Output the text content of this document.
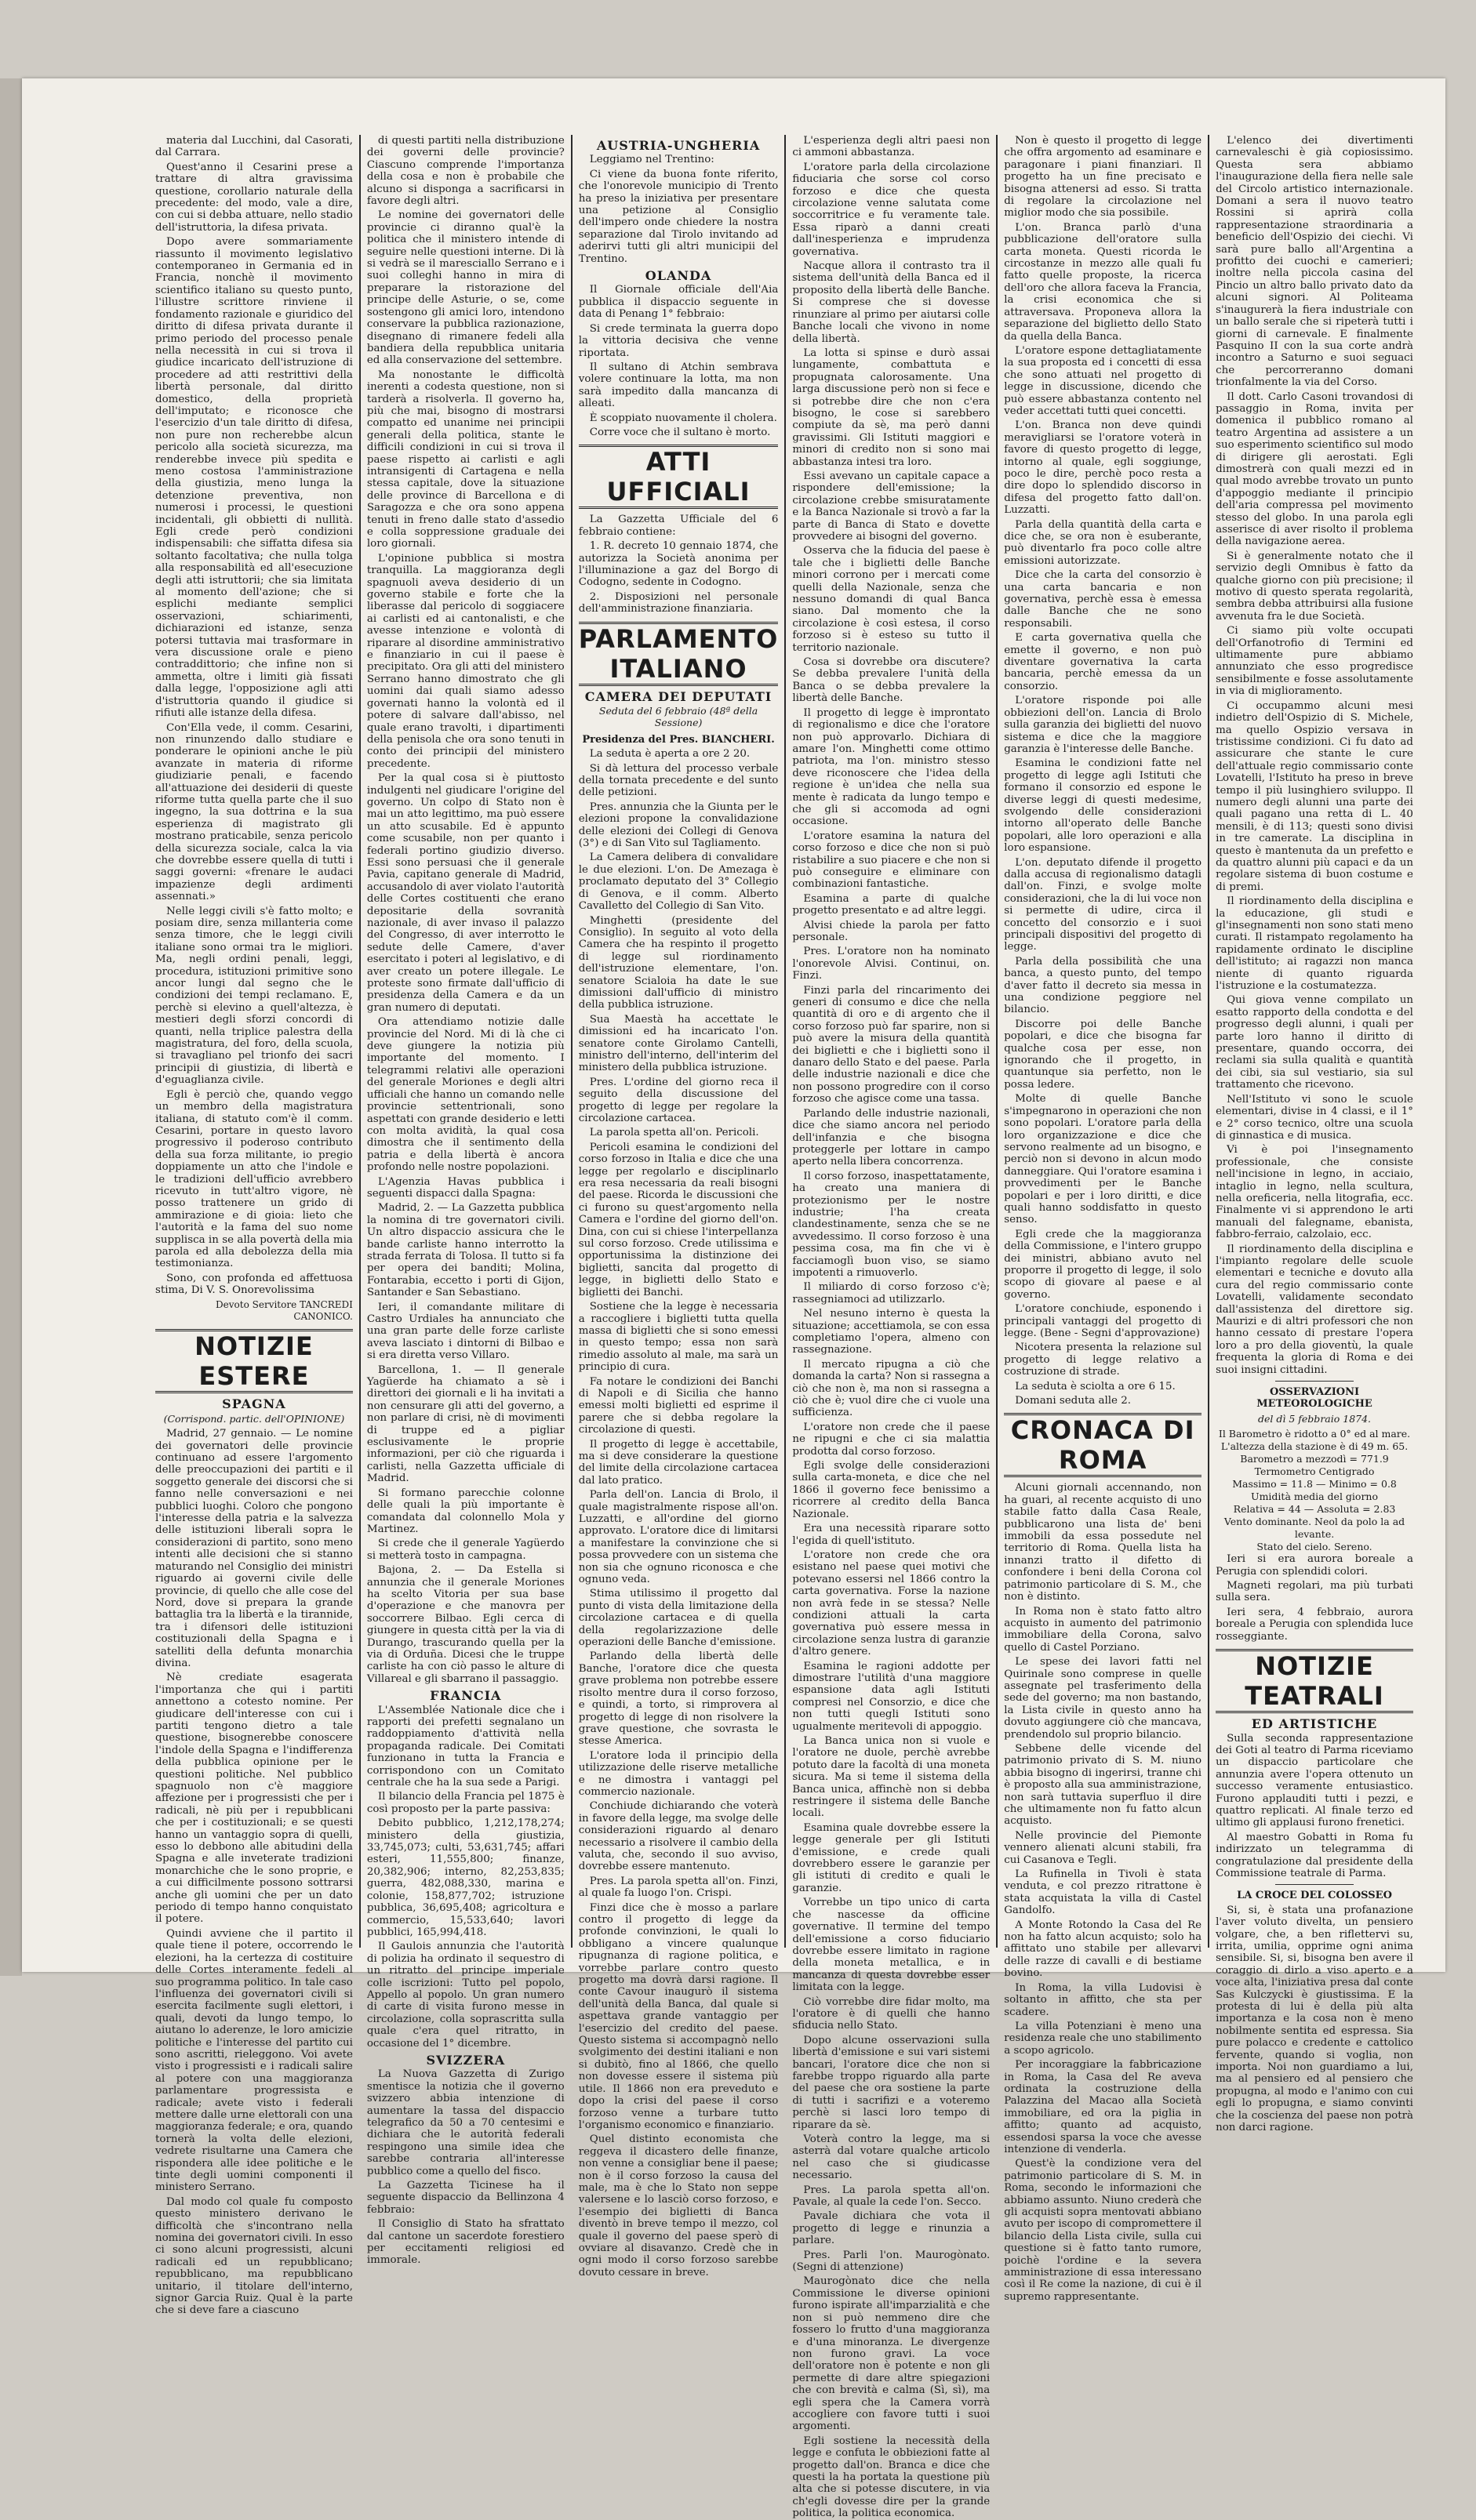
materia dal Lucchini, dal Casorati, dal Carrara.

Quest'anno il Cesarini prese a trattare di altra gravissima questione, corollario naturale della precedente: del modo, vale a dire, con cui si debba attuare, nello stadio dell'istruttoria, la difesa privata.

Dopo avere sommariamente riassunto il movimento legislativo contemporaneo in Germania ed in Francia, nonchè il movimento scientifico italiano su questo punto, l'illustre scrittore rinviene il fondamento razionale e giuridico del diritto di difesa privata durante il primo periodo del processo penale nella necessità in cui si trova il giudice incaricato dell'istruzione di procedere ad atti restrittivi della libertà personale, dal diritto domestico, della proprietà dell'imputato; e riconosce che l'esercizio d'un tale diritto di difesa, non pure non recherebbe alcun pericolo alla società sicurezza, ma renderebbe invece più spedita e meno costosa l'amministrazione della giustizia, meno lunga la detenzione preventiva, non numerosi i processi, le questioni incidentali, gli obbietti di nullità. Egli crede però condizioni indispensabili: che siffatta difesa sia soltanto facoltativa; che nulla tolga alla responsabilità ed all'esecuzione degli atti istruttorii; che sia limitata al momento dell'azione; che si esplichi mediante semplici osservazioni, schiarimenti, dichiarazioni ed istanze, senza potersi tuttavia mai trasformare in vera discussione orale e pieno contraddittorio; che infine non si ammetta, oltre i limiti già fissati dalla legge, l'opposizione agli atti d'istruttoria quando il giudice si rifiuti alle istanze della difesa.

Con'Ella vede, il comm. Cesarini, non rinunzendo dallo studiare e ponderare le opinioni anche le più avanzate in materia di riforme giudiziarie penali, e facendo all'attuazione dei desiderii di queste riforme tutta quella parte che il suo ingegno, la sua dottrina e la sua esperienza di magistrato gli mostrano praticabile, senza pericolo della sicurezza sociale, calca la via che dovrebbe essere quella di tutti i saggi governi: «frenare le audaci impazienze degli ardimenti assennati.»

Nelle leggi civili s'è fatto molto; e posiam dire, senza millanteria come senza timore, che le leggi civili italiane sono ormai tra le migliori. Ma, negli ordini penali, leggi, procedura, istituzioni primitive sono ancor lungi dal segno che le condizioni dei tempi reclamano. E, perchè si elevino a quell'altezza, è mestieri degli sforzi concordi di quanti, nella triplice palestra della magistratura, del foro, della scuola, si travagliano pel trionfo dei sacri principii di giustizia, di libertà e d'eguaglianza civile.

Egli è perciò che, quando veggo un membro della magistratura italiana, di statuto com'è il comm. Cesarini, portare in questo lavoro progressivo il poderoso contributo della sua forza militante, io pregio doppiamente un atto che l'indole e le tradizioni dell'ufficio avrebbero ricevuto in tutt'altro vigore, nè posso trattenere un grido di ammirazione e di gioia: lieto che l'autorità e la fama del suo nome supplisca in se alla povertà della mia parola ed alla debolezza della mia testimonianza.

Sono, con profonda ed affettuosa stima, Di V. S. Onorevolissima

Devoto Servitore TANCREDI CANONICO.
NOTIZIE ESTERE
SPAGNA
(Corrispond. partic. dell'OPINIONE)

Madrid, 27 gennaio. — Le nomine dei governatori delle provincie continuano ad essere l'argomento delle preoccupazioni dei partiti e il soggetto generale dei discorsi che si fanno nelle conversazioni e nei pubblici luoghi. Coloro che pongono l'interesse della patria e la salvezza delle istituzioni liberali sopra le considerazioni di partito, sono meno intenti alle decisioni che si stanno maturando nel Consiglio dei ministri riguardo ai governi civile delle provincie, di quello che alle cose del Nord, dove si prepara la grande battaglia tra la libertà e la tirannide, tra i difensori delle istituzioni costituzionali della Spagna e i satelliti della defunta monarchia divina.

Nè crediate esagerata l'importanza che qui i partiti annettono a cotesto nomine. Per giudicare dell'interesse con cui i partiti tengono dietro a tale questione, bisognerebbe conoscere l'indole della Spagna e l'indifferenza della pubblica opinione per le questioni politiche. Nel pubblico spagnuolo non c'è maggiore affezione per i progressisti che per i radicali, nè più per i repubblicani che per i costituzionali; e se questi hanno un vantaggio sopra di quelli, esso lo debbono alle abitudini della Spagna e alle inveterate tradizioni monarchiche che le sono proprie, e a cui difficilmente possono sottrarsi anche gli uomini che per un dato periodo di tempo hanno conquistato il potere.

Quindi avviene che il partito il quale tiene il potere, occorrendo le elezioni, ha la certezza di costituire delle Cortes interamente fedeli al suo programma politico. In tale caso l'influenza dei governatori civili si esercita facilmente sugli elettori, i quali, devoti da lungo tempo, lo aiutano lo aderenze, le loro amicizie politiche e l'interesse del partito cui sono ascritti, rieleggono. Voi avete visto i progressisti e i radicali salire al potere con una maggioranza parlamentare progressista e radicale; avete visto i federali mettere dalle urne elettorali con una maggioranza federale; e ora, quando tornerà la volta delle elezioni, vedrete risultarne una Camera che rispondera alle idee politiche e le tinte degli uomini componenti il ministero Serrano.

Dal modo col quale fu composto questo ministero derivano le difficoltà che s'incontrano nella nomina dei governatori civili. In esso ci sono alcuni progressisti, alcuni radicali ed un repubblicano; repubblicano, ma repubblicano unitario, il titolare dell'interno, signor Garcia Ruiz. Qual è la parte che si deve fare a ciascuno

di questi partiti nella distribuzione dei governi delle provincie? Ciascuno comprende l'importanza della cosa e non è probabile che alcuno si disponga a sacrificarsi in favore degli altri.

Le nomine dei governatori delle provincie ci diranno qual'è la politica che il ministero intende di seguire nelle questioni interne. Di là si vedrà se il maresciallo Serrano e i suoi colleghi hanno in mira di preparare la ristorazione del principe delle Asturie, o se, come sostengono gli amici loro, intendono conservare la pubblica razionazione, disegnano di rimanere fedeli alla bandiera della repubblica unitaria ed alla conservazione del settembre.

Ma nonostante le difficoltà inerenti a codesta questione, non si tarderà a risolverla. Il governo ha, più che mai, bisogno di mostrarsi compatto ed unanime nei principii generali della politica, stante le difficili condizioni in cui si trova il paese rispetto ai carlisti e agli intransigenti di Cartagena e nella stessa capitale, dove la situazione delle province di Barcellona e di Saragozza e che ora sono appena tenuti in freno dalle stato d'assedio e colla soppressione graduale dei loro giornali.

L'opinione pubblica si mostra tranquilla. La maggioranza degli spagnuoli aveva desiderio di un governo stabile e forte che la liberasse dal pericolo di soggiacere ai carlisti ed ai cantonalisti, e che avesse intenzione e volontà di riparare al disordine amministrativo e finanziario in cui il paese è precipitato. Ora gli atti del ministero Serrano hanno dimostrato che gli uomini dai quali siamo adesso governati hanno la volontà ed il potere di salvare dall'abisso, nel quale erano travolti, i dipartimenti della penisola che ora sono tenuti in conto dei principii del ministero precedente.

Per la qual cosa si è piuttosto indulgenti nel giudicare l'origine del governo. Un colpo di Stato non è mai un atto legittimo, ma può essere un atto scusabile. Ed è appunto come scusabile, non per quanto i federali portino giudizio diverso. Essi sono persuasi che il generale Pavia, capitano generale di Madrid, accusandolo di aver violato l'autorità delle Cortes costituenti che erano depositarie della sovranità nazionale, di aver invaso il palazzo del Congresso, di aver interrotto le sedute delle Camere, d'aver esercitato i poteri al legislativo, e di aver creato un potere illegale. Le proteste sono firmate dall'ufficio di presidenza della Camera e da un gran numero di deputati.

Ora attendiamo notizie dalle provincie del Nord. Mi di là che ci deve giungere la notizia più importante del momento. I telegrammi relativi alle operazioni del generale Moriones e degli altri ufficiali che hanno un comando nelle provincie settentrionali, sono aspettati con grande desiderio e letti con molta avidità, la qual cosa dimostra che il sentimento della patria e della libertà è ancora profondo nelle nostre popolazioni.

L'Agenzia Havas pubblica i seguenti dispacci dalla Spagna:

Madrid, 2. — La Gazzetta pubblica la nomina di tre governatori civili. Un altro dispaccio assicura che le bande carliste hanno interrotto la strada ferrata di Tolosa. Il tutto si fa per opera dei banditi; Molina, Fontarabia, eccetto i porti di Gijon, Santander e San Sebastiano.

Ieri, il comandante militare di Castro Urdiales ha annunciato che una gran parte delle forze carliste aveva lasciato i dintorni di Bilbao e si era diretta verso Villaro.

Barcellona, 1. — Il generale Yagüerde ha chiamato a sè i direttori dei giornali e li ha invitati a non censurare gli atti del governo, a non parlare di crisi, nè di movimenti di truppe ed a pigliar esclusivamente le proprie informazioni, per ciò che riguarda i carlisti, nella Gazzetta ufficiale di Madrid.

Si formano parecchie colonne delle quali la più importante è comandata dal colonnello Mola y Martinez.

Si crede che il generale Yagüerdo si metterà tosto in campagna.

Bajona, 2. — Da Estella si annunzia che il generale Moriones ha scelto Vitoria per sua base d'operazione e che manovra per soccorrere Bilbao. Egli cerca di giungere in questa città per la via di Durango, trascurando quella per la via di Orduña. Dicesi che le truppe carliste ha con ciò passo le alture di Villareal e gli sbarrano il passaggio.

FRANCIA

L'Assemblée Nationale dice che i rapporti dei prefetti segnalano un raddoppiamento d'attività nella propaganda radicale. Dei Comitati funzionano in tutta la Francia e corrispondono con un Comitato centrale che ha la sua sede a Parigi.

Il bilancio della Francia pel 1875 è così proposto per la parte passiva:

Debito pubblico, 1,212,178,274; ministero della giustizia, 33,745,073; culti, 53,631,745; affari esteri, 11,555,800; finanze, 20,382,906; interno, 82,253,835; guerra, 482,088,330, marina e colonie, 158,877,702; istruzione pubblica, 36,695,408; agricoltura e commercio, 15,533,640; lavori pubblici, 165,994,418.

Il Gaulois annunzia che l'autorità di polizia ha ordinato il sequestro di un ritratto del principe imperiale colle iscrizioni: Tutto pel popolo, Appello al popolo. Un gran numero di carte di visita furono messe in circolazione, colla soprascritta sulla quale c'era quel ritratto, in occasione del 1° dicembre.

SVIZZERA

La Nuova Gazzetta di Zurigo smentisce la notizia che il governo svizzero abbia intenzione di aumentare la tassa del dispaccio telegrafico da 50 a 70 centesimi e dichiara che le autorità federali respingono una simile idea che sarebbe contraria all'interesse pubblico come a quello del fisco.

La Gazzetta Ticinese ha il seguente dispaccio da Bellinzona 4 febbraio:

Il Consiglio di Stato ha sfrattato dal cantone un sacerdote forestiero per eccitamenti religiosi ed immorale.

AUSTRIA-UNGHERIA

Leggiamo nel Trentino:

Ci viene da buona fonte riferito, che l'onorevole municipio di Trento ha preso la iniziativa per presentare una petizione al Consiglio dell'impero onde chiedere la nostra separazione dal Tirolo invitando ad aderirvi tutti gli altri municipii del Trentino.

OLANDA

Il Giornale officiale dell'Aia pubblica il dispaccio seguente in data di Penang 1° febbraio:

Si crede terminata la guerra dopo la vittoria decisiva che venne riportata.

Il sultano di Atchin sembrava volere continuare la lotta, ma non sarà impedito dalla mancanza di alleati.

È scoppiato nuovamente il cholera.

Corre voce che il sultano è morto.

ATTI UFFICIALI

La Gazzetta Ufficiale del 6 febbraio contiene:

1. R. decreto 10 gennaio 1874, che autorizza la Società anonima per l'illuminazione a gaz del Borgo di Codogno, sedente in Codogno.

2. Disposizioni nel personale dell'amministrazione finanziaria.

PARLAMENTO ITALIANO
CAMERA DEI DEPUTATI
Seduta del 6 febbraio (48ª della Sessione)
Presidenza del Pres. BIANCHERI.

La seduta è aperta a ore 2 20.

Si dà lettura del processo verbale della tornata precedente e del sunto delle petizioni.

Pres. annunzia che la Giunta per le elezioni propone la convalidazione delle elezioni dei Collegi di Genova (3°) e di San Vito sul Tagliamento.

La Camera delibera di convalidare le due elezioni. L'on. De Amezaga è proclamato deputato del 3° Collegio di Genova, e il comm. Alberto Cavalletto del Collegio di San Vito.

Minghetti (presidente del Consiglio). In seguito al voto della Camera che ha respinto il progetto di legge sul riordinamento dell'istruzione elementare, l'on. senatore Scialoia ha date le sue dimissioni dall'ufficio di ministro della pubblica istruzione.

Sua Maestà ha accettate le dimissioni ed ha incaricato l'on. senatore conte Girolamo Cantelli, ministro dell'interno, dell'interim del ministero della pubblica istruzione.

Pres. L'ordine del giorno reca il seguito della discussione del progetto di legge per regolare la circolazione cartacea.

La parola spetta all'on. Pericoli.

Pericoli esamina le condizioni del corso forzoso in Italia e dice che una legge per regolarlo e disciplinarlo era resa necessaria da reali bisogni del paese. Ricorda le discussioni che ci furono su quest'argomento nella Camera e l'ordine del giorno dell'on. Dina, con cui si chiese l'interpellanza sul corso forzoso. Crede utilissima e opportunissima la distinzione dei biglietti, sancita dal progetto di legge, in biglietti dello Stato e biglietti dei Banchi.

Sostiene che la legge è necessaria a raccogliere i biglietti tutta quella massa di biglietti che si sono emessi in questo tempo; essa non sarà rimedio assoluto al male, ma sarà un principio di cura.

Fa notare le condizioni dei Banchi di Napoli e di Sicilia che hanno emessi molti biglietti ed esprime il parere che si debba regolare la circolazione di questi.

Il progetto di legge è accettabile, ma si deve considerare la questione del limite della circolazione cartacea dal lato pratico.

Parla dell'on. Lancia di Brolo, il quale magistralmente rispose all'on. Luzzatti, e all'ordine del giorno approvato. L'oratore dice di limitarsi a manifestare la convinzione che si possa provvedere con un sistema che non sia che ognuno riconosca e che ognuno veda.

Stima utilissimo il progetto dal punto di vista della limitazione della circolazione cartacea e di quella della regolarizzazione delle operazioni delle Banche d'emissione.

Parlando della libertà delle Banche, l'oratore dice che questa grave problema non potrebbe essere risolto mentre dura il corso forzoso, e quindi, a torto, si rimprovera al progetto di legge di non risolvere la grave questione, che sovrasta le stesse America.

L'oratore loda il principio della utilizzazione delle riserve metalliche e ne dimostra i vantaggi pel commercio nazionale.

Conchiude dichiarando che voterà in favore della legge, ma svolge delle considerazioni riguardo al denaro necessario a risolvere il cambio della valuta, che, secondo il suo avviso, dovrebbe essere mantenuto.

Pres. La parola spetta all'on. Finzi, al quale fa luogo l'on. Crispi.

Finzi dice che è mosso a parlare contro il progetto di legge da profonde convinzioni, le quali lo obbligano a vincere qualunque ripugnanza di ragione politica, e vorrebbe parlare contro questo progetto ma dovrà darsi ragione. Il conte Cavour inaugurò il sistema dell'unità della Banca, dal quale si aspettava grande vantaggio per l'esercizio del credito del paese. Questo sistema si accompagnò nello svolgimento dei destini italiani e non si dubitò, fino al 1866, che quello non dovesse essere il sistema più utile. Il 1866 non era preveduto e dopo la crisi del paese il corso forzoso venne a turbare tutto l'organismo economico e finanziario.

Quel distinto economista che reggeva il dicastero delle finanze, non venne a consigliar bene il paese; non è il corso forzoso la causa del male, ma è che lo Stato non seppe valersene e lo lasciò corso forzoso, e l'esempio dei biglietti di Banca diventò in breve tempo il mezzo, col quale il governo del paese sperò di ovviare al disavanzo. Credè che in ogni modo il corso forzoso sarebbe dovuto cessare in breve.

L'esperienza degli altri paesi non ci ammoni abbastanza.

L'oratore parla della circolazione fiduciaria che sorse col corso forzoso e dice che questa circolazione venne salutata come soccorritrice e fu veramente tale. Essa riparò a danni creati dall'inesperienza e imprudenza governativa.

Nacque allora il contrasto tra il sistema dell'unità della Banca ed il proposito della libertà delle Banche. Si comprese che si dovesse rinunziare al primo per aiutarsi colle Banche locali che vivono in nome della libertà.

La lotta si spinse e durò assai lungamente, combattuta e propugnata calorosamente. Una larga discussione però non si fece e si potrebbe dire che non c'era bisogno, le cose si sarebbero compiute da sè, ma però danni gravissimi. Gli Istituti maggiori e minori di credito non si sono mai abbastanza intesi tra loro.

Essi avevano un capitale capace a rispondere dell'emissione; la circolazione crebbe smisuratamente e la Banca Nazionale si trovò a far la parte di Banca di Stato e dovette provvedere ai bisogni del governo.

Osserva che la fiducia del paese è tale che i biglietti delle Banche minori corrono per i mercati come quelli della Nazionale, senza che nessuno domandi di qual Banca siano. Dal momento che la circolazione è così estesa, il corso forzoso si è esteso su tutto il territorio nazionale.

Cosa si dovrebbe ora discutere? Se debba prevalere l'unità della Banca o se debba prevalere la libertà delle Banche.

Il progetto di legge è improntato di regionalismo e dice che l'oratore non può approvarlo. Dichiara di amare l'on. Minghetti come ottimo patriota, ma l'on. ministro stesso deve riconoscere che l'idea della regione è un'idea che nella sua mente è radicata da lungo tempo e che gli si accomoda ad ogni occasione.

L'oratore esamina la natura del corso forzoso e dice che non si può ristabilire a suo piacere e che non si può conseguire e eliminare con combinazioni fantastiche.

Esamina a parte di qualche progetto presentato e ad altre leggi.

Alvisi chiede la parola per fatto personale.

Pres. L'oratore non ha nominato l'onorevole Alvisi. Continui, on. Finzi.

Finzi parla del rincarimento dei generi di consumo e dice che nella quantità di oro e di argento che il corso forzoso può far sparire, non si può avere la misura della quantità dei biglietti e che i biglietti sono il danaro dello Stato e del paese. Parla delle industrie nazionali e dice che non possono progredire con il corso forzoso che agisce come una tassa.

Parlando delle industrie nazionali, dice che siamo ancora nel periodo dell'infanzia e che bisogna proteggerle per lottare in campo aperto nella libera concorrenza.

Il corso forzoso, inaspettatamente, ha creato una maniera di protezionismo per le nostre industrie; l'ha creata clandestinamente, senza che se ne avvedessimo. Il corso forzoso è una pessima cosa, ma fin che vi è facciamoglì buon viso, se siamo impotenti a rimuoverlo.

Il miliardo di corso forzoso c'è; rassegniamoci ad utilizzarlo.

Nel nesuno interno è questa la situazione; accettiamola, se con essa completiamo l'opera, almeno con rassegnazione.

Il mercato ripugna a ciò che domanda la carta? Non si rassegna a ciò che non è, ma non si rassegna a ciò che è; vuol dire che ci vuole una sufficienza.

L'oratore non crede che il paese ne ripugni e che ci sia malattia prodotta dal corso forzoso.

Egli svolge delle considerazioni sulla carta-moneta, e dice che nel 1866 il governo fece benissimo a ricorrere al credito della Banca Nazionale.

Era una necessità riparare sotto l'egida di quell'istituto.

L'oratore non crede che ora esistano nel paese quei motivi che potevano essersi nel 1866 contro la carta governativa. Forse la nazione non avrà fede in se stessa? Nelle condizioni attuali la carta governativa può essere messa in circolazione senza lustra di garanzie d'altro genere.

Esamina le ragioni addotte per dimostrare l'utilità d'una maggiore espansione data agli Istituti compresi nel Consorzio, e dice che non tutti quegli Istituti sono ugualmente meritevoli di appoggio.

La Banca unica non si vuole e l'oratore ne duole, perchè avrebbe potuto dare la facoltà di una moneta sicura. Ma si teme il sistema della Banca unica, affinchè non si debba restringere il sistema delle Banche locali.

Esamina quale dovrebbe essere la legge generale per gli Istituti d'emissione, e crede quali dovrebbero essere le garanzie per gli istituti di credito e quali le garanzie.

Vorrebbe un tipo unico di carta che nascesse da officine governative. Il termine del tempo dell'emissione a corso fiduciario dovrebbe essere limitato in ragione della moneta metallica, e in mancanza di questa dovrebbe esser limitata con la legge.

Ciò vorrebbe dire fidar molto, ma l'oratore è di quelli che hanno sfiducia nello Stato.

Dopo alcune osservazioni sulla libertà d'emissione e sui vari sistemi bancari, l'oratore dice che non si farebbe troppo riguardo alla parte del paese che ora sostiene la parte di tutti i sacrifizi e a voteremo perchè si lasci loro tempo di riparare da sè.

Voterà contro la legge, ma si asterrà dal votare qualche articolo nel caso che si giudicasse necessario.

Pres. La parola spetta all'on. Pavale, al quale la cede l'on. Secco.

Pavale dichiara che vota il progetto di legge e rinunzia a parlare.

Pres. Parli l'on. Maurogònato. (Segni di attenzione)

Maurogònato dice che nella Commissione le diverse opinioni furono ispirate all'imparzialità e che non si può nemmeno dire che fossero lo frutto d'una maggioranza e d'una minoranza. Le divergenze non furono gravi. La voce dell'oratore non è potente e non gli permette di dare altre spiegazioni che con brevità e calma (Sì, sì), ma egli spera che la Camera vorrà accogliere con favore tutti i suoi argomenti.

Egli sostiene la necessità della legge e confuta le obbiezioni fatte al progetto dall'on. Branca e dice che questi la ha portata la questione più alta che si potesse discutere, in via ch'egli dovesse dire per la grande politica, la politica economica.

Non è questo il progetto di legge che offra argomento ad esaminare e paragonare i piani finanziari. Il progetto ha un fine precisato e bisogna attenersi ad esso. Si tratta di regolare la circolazione nel miglior modo che sia possibile.

L'on. Branca parlò d'una pubblicazione dell'oratore sulla carta moneta. Questi ricorda le circostanze in mezzo alle quali fu fatto quelle proposte, la ricerca dell'oro che allora faceva la Francia, la crisi economica che si attraversava. Proponeva allora la separazione del biglietto dello Stato da quella della Banca.

L'oratore espone dettagliatamente la sua proposta ed i concetti di essa che sono attuati nel progetto di legge in discussione, dicendo che può essere abbastanza contento nel veder accettati tutti quei concetti.

L'on. Branca non deve quindi meravigliarsi se l'oratore voterà in favore di questo progetto di legge, intorno al quale, egli soggiunge, poco le dire, perchè poco resta a dire dopo lo splendido discorso in difesa del progetto fatto dall'on. Luzzatti.

Parla della quantità della carta e dice che, se ora non è esuberante, può diventarlo fra poco colle altre emissioni autorizzate.

Dice che la carta del consorzio è una carta bancaria e non governativa, perchè essa è emessa dalle Banche che ne sono responsabili.

E carta governativa quella che emette il governo, e non può diventare governativa la carta bancaria, perchè emessa da un consorzio.

L'oratore risponde poi alle obbiezioni dell'on. Lancia di Brolo sulla garanzia dei biglietti del nuovo sistema e dice che la maggiore garanzia è l'interesse delle Banche.

Esamina le condizioni fatte nel progetto di legge agli Istituti che formano il consorzio ed espone le diverse leggi di questi medesime, svolgendo delle considerazioni intorno all'operato delle Banche popolari, alle loro operazioni e alla loro espansione.

L'on. deputato difende il progetto dalla accusa di regionalismo datagli dall'on. Finzi, e svolge molte considerazioni, che la di lui voce non si permette di udire, circa il concetto del consorzio e i suoi principali dispositivi del progetto di legge.

Parla della possibilità che una banca, a questo punto, del tempo d'aver fatto il decreto sia messa in una condizione peggiore nel bilancio.

Discorre poi delle Banche popolari, e dice che bisogna far qualche cosa per esse, non ignorando che il progetto, in quantunque sia perfetto, non le possa ledere.

Molte di quelle Banche s'impegnarono in operazioni che non sono popolari. L'oratore parla della loro organizzazione e dice che servono realmente ad un bisogno, e perciò non si devono in alcun modo danneggiare. Qui l'oratore esamina i provvedimenti per le Banche popolari e per i loro diritti, e dice quali hanno soddisfatto in questo senso.

Egli crede che la maggioranza della Commissione, e l'intero gruppo dei ministri, abbiano avuto nel proporre il progetto di legge, il solo scopo di giovare al paese e al governo.

L'oratore conchiude, esponendo i principali vantaggi del progetto di legge. (Bene - Segni d'approvazione)

Nicotera presenta la relazione sul progetto di legge relativo a costruzione di strade.

La seduta è sciolta a ore 6 15.

Domani seduta alle 2.

CRONACA DI ROMA

Alcuni giornali accennando, non ha guari, al recente acquisto di uno stabile fatto dalla Casa Reale, pubblicarono una lista de' beni immobili da essa possedute nel territorio di Roma. Quella lista ha innanzi tratto il difetto di confondere i beni della Corona col patrimonio particolare di S. M., che non è distinto.

In Roma non è stato fatto altro acquisto in aumento del patrimonio immobiliare della Corona, salvo quello di Castel Porziano.

Le spese dei lavori fatti nel Quirinale sono comprese in quelle assegnate pel trasferimento della sede del governo; ma non bastando, la Lista civile in questo anno ha dovuto aggiungere ciò che mancava, prendendolo sul proprio bilancio.

Sebbene delle vicende del patrimonio privato di S. M. niuno abbia bisogno di ingerirsi, tranne chi è proposto alla sua amministrazione, non sarà tuttavia superfluo il dire che ultimamente non fu fatto alcun acquisto.

Nelle provincie del Piemonte vennero alienati alcuni stabili, fra cui Casanova e Tegli.

La Rufinella in Tivoli è stata venduta, e col prezzo ritrattone è stata acquistata la villa di Castel Gandolfo.

A Monte Rotondo la Casa del Re non ha fatto alcun acquisto; solo ha affittato uno stabile per allevarvi delle razze di cavalli e di bestiame bovino.

In Roma, la villa Ludovisi è soltanto in affitto, che sta per scadere.

La villa Potenziani è meno una residenza reale che uno stabilimento a scopo agricolo.

Per incoraggiare la fabbricazione in Roma, la Casa del Re aveva ordinata la costruzione della Palazzina del Macao alla Società immobiliare, ed ora la piglia in affitto; quanto ad acquisto, essendosi sparsa la voce che avesse intenzione di venderla.

Quest'è la condizione vera del patrimonio particolare di S. M. in Roma, secondo le informazioni che abbiamo assunto. Niuno crederà che gli acquisti sopra mentovati abbiano avuto per iscopo di compromettere il bilancio della Lista civile, sulla cui questione si è fatto tanto rumore, poichè l'ordine e la severa amministrazione di essa interessano così il Re come la nazione, di cui è il supremo rappresentante.

L'elenco dei divertimenti carnevaleschi è già copiosissimo. Questa sera abbiamo l'inaugurazione della fiera nelle sale del Circolo artistico internazionale. Domani a sera il nuovo teatro Rossini si aprirà colla rappresentazione straordinaria a beneficio dell'Ospizio dei ciechi. Vi sarà pure ballo all'Argentina a profitto dei cuochi e camerieri; inoltre nella piccola casina del Pincio un altro ballo privato dato da alcuni signori. Al Politeama s'inaugurerà la fiera industriale con un ballo serale che si ripeterà tutti i giorni di carnevale. E finalmente Pasquino II con la sua corte andrà incontro a Saturno e suoi seguaci che percorreranno domani trionfalmente la via del Corso.

Il dott. Carlo Casoni trovandosi di passaggio in Roma, invita per domenica il pubblico romano al teatro Argentina ad assistere a un suo esperimento scientifico sul modo di dirigere gli aerostati. Egli dimostrerà con quali mezzi ed in qual modo avrebbe trovato un punto d'appoggio mediante il principio dell'aria compressa pel movimento stesso del globo. In una parola egli asserisce di aver risolto il problema della navigazione aerea.

Si è generalmente notato che il servizio degli Omnibus è fatto da qualche giorno con più precisione; il motivo di questo sperata regolarità, sembra debba attribuirsi alla fusione avvenuta fra le due Società.

Ci siamo più volte occupati dell'Orfanotrofio di Termini ed ultimamente pure abbiamo annunziato che esso progredisce sensibilmente e fosse assolutamente in via di miglioramento.

Ci occupammo alcuni mesi indietro dell'Ospizio di S. Michele, ma quello Ospizio versava in tristissime condizioni. Ci fu dato ad assicurare che stante le cure dell'attuale regio commissario conte Lovatelli, l'Istituto ha preso in breve tempo il più lusinghiero sviluppo. Il numero degli alunni una parte dei quali pagano una retta di L. 40 mensili, è di 113; questi sono divisi in tre camerate. La disciplina in questo è mantenuta da un prefetto e da quattro alunni più capaci e da un regolare sistema di buon costume e di premi.

Il riordinamento della disciplina e la educazione, gli studi e gl'insegnamenti non sono stati meno curati. Il ristampato regolamento ha rapidamente ordinato le discipline dell'istituto; ai ragazzi non manca niente di quanto riguarda l'istruzione e la costumatezza.

Qui giova venne compilato un esatto rapporto della condotta e del progresso degli alunni, i quali per parte loro hanno il diritto di presentare, quando occorra, dei reclami sia sulla qualità e quantità dei cibi, sia sul vestiario, sia sul trattamento che ricevono.

Nell'Istituto vi sono le scuole elementari, divise in 4 classi, e il 1° e 2° corso tecnico, oltre una scuola di ginnastica e di musica.

Vi è poi l'insegnamento professionale, che consiste nell'incisione in legno, in acciaio, intaglio in legno, nella scultura, nella oreficeria, nella litografia, ecc. Finalmente vi si apprendono le arti manuali del falegname, ebanista, fabbro-ferraio, calzolaio, ecc.

Il riordinamento della disciplina e l'impianto regolare delle scuole elementari e tecniche e dovuto alla cura del regio commissario conte Lovatelli, validamente secondato dall'assistenza del direttore sig. Maurizi e di altri professori che non hanno cessato di prestare l'opera loro a pro della gioventù, la quale frequenta la gloria di Roma e dei suoi insigni cittadini.

OSSERVAZIONI METEOROLOGICHE
del dì 5 febbraio 1874.
Il Barometro è ridotto a 0° ed al mare. L'altezza della stazione è di 49 m. 65.
Barometro a mezzodì = 771.9
Termometro Centigrado
Massimo = 11.8 — Minimo = 0.8
Umidità media del giorno
Relativa = 44 — Assoluta = 2.83
Vento dominante. Neol da polo la ad levante.
Stato del cielo. Sereno.

Ieri si era aurora boreale a Perugia con splendidi colori.

Magneti regolari, ma più turbati sulla sera.

Ieri sera, 4 febbraio, aurora boreale a Perugia con splendida luce rosseggiante.

NOTIZIE TEATRALI
ED ARTISTICHE

Sulla seconda rappresentazione dei Goti al teatro di Parma riceviamo un dispaccio particolare che annunzia avere l'opera ottenuto un successo veramente entusiastico. Furono applauditi tutti i pezzi, e quattro replicati. Al finale terzo ed ultimo gli applausi furono frenetici.

Al maestro Gobatti in Roma fu indirizzato un telegramma di congratulazione dal presidente della Commissione teatrale di Parma.

LA CROCE DEL COLOSSEO

Si, si, è stata una profanazione l'aver voluto divelta, un pensiero volgare, che, a ben riflettervi su, irrita, umilia, opprime ogni anima sensibile. Si, si, bisogna ben avere il coraggio di dirlo a viso aperto e a voce alta, l'iniziativa presa dal conte Sas Kulczycki è giustissima. E la protesta di lui è della più alta importanza e la cosa non è meno nobilmente sentita ed espressa. Sia pure polacco e credente e cattolico fervente, quando si voglia, non importa. Noi non guardiamo a lui, ma al pensiero ed al pensiero che propugna, al modo e l'animo con cui egli lo propugna, e siamo convinti che la coscienza del paese non potrà non darci ragione.
